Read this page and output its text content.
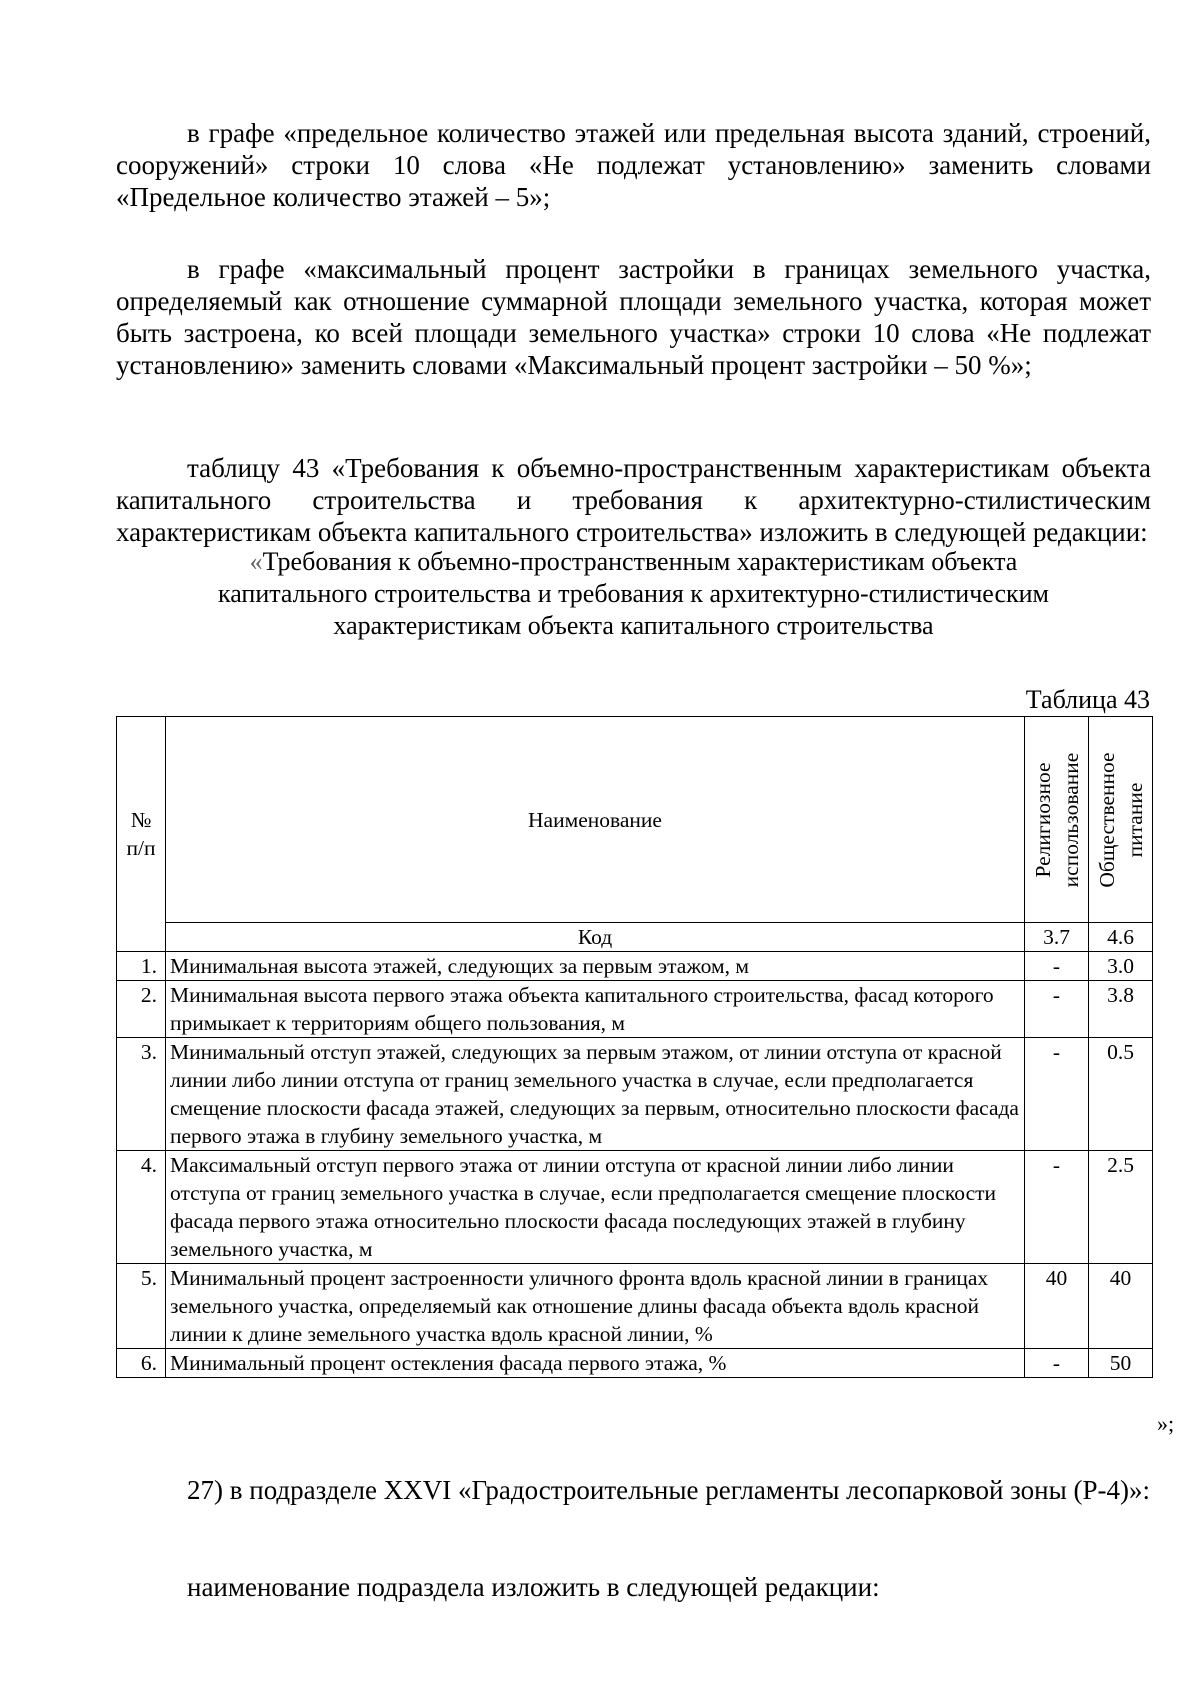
в графе «предельное количество этажей или предельная высота зданий, строений, сооружений» строки 10 слова «Не подлежат установлению» заменить словами «Предельное количество этажей – 5»;

в графе «максимальный процент застройки в границах земельного участка, определяемый как отношение суммарной площади земельного участка, которая может быть застроена, ко всей площади земельного участка» строки 10 слова «Не подлежат установлению» заменить словами «Максимальный процент застройки – 50 %»;

таблицу 43 «Требования к объемно-пространственным характеристикам объекта капитального строительства и требования к архитектурно-стилистическим характеристикам объекта капитального строительства» изложить в следующей редакции:

«Требования к объемно-пространственным характеристикам объекта

капитального строительства и требования к архитектурно-стилистическим

характеристикам объекта капитального строительства

Таблица 43
№ п/п	Наименование	Религиозное использование	Общественное питание

	Код	3.7	4.6
1.	Минимальная высота этажей, следующих за первым этажом, м	-	3.0
2.	Минимальная высота первого этажа объекта капитального строительства, фасад которого примыкает к территориям общего пользования, м	-	3.8
3.	Минимальный отступ этажей, следующих за первым этажом, от линии отступа от красной линии либо линии отступа от границ земельного участка в случае, если предполагается смещение плоскости фасада этажей, следующих за первым, относительно плоскости фасада первого этажа в глубину земельного участка, м	-	0.5
4.	Максимальный отступ первого этажа от линии отступа от красной линии либо линии отступа от границ земельного участка в случае, если предполагается смещение плоскости фасада первого этажа относительно плоскости фасада последующих этажей в глубину земельного участка, м	-	2.5
5.	Минимальный процент застроенности уличного фронта вдоль красной линии в границах земельного участка, определяемый как отношение длины фасада объекта вдоль красной линии к длине земельного участка вдоль красной линии, %	40	40
6.	Минимальный процент остекления фасада первого этажа, %	-	50
»;

27) в подразделе XXVI «Градостроительные регламенты лесопарковой зоны (Р-4)»:

наименование подраздела изложить в следующей редакции:
